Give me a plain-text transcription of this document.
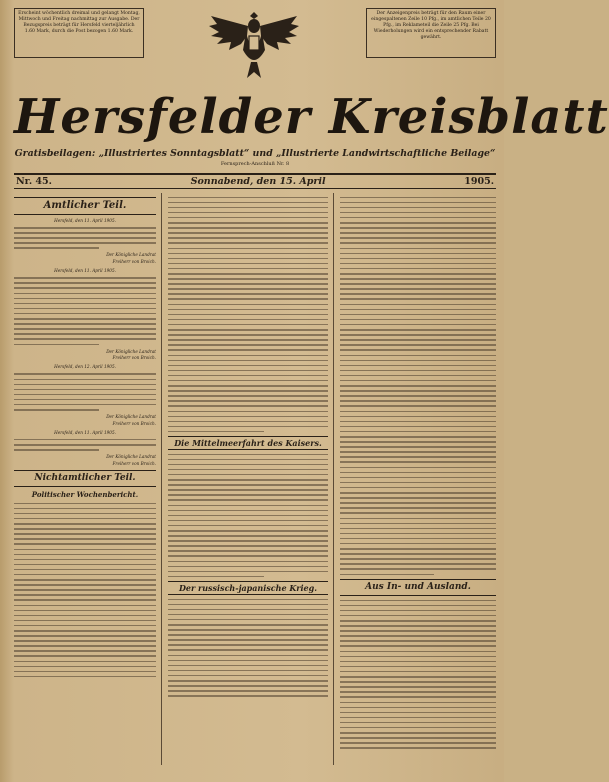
Erscheint wöchentlich dreimal und gelangt Montag, Mittwoch und Freitag nachmittag zur Ausgabe. Der Bezugspreis beträgt für Hersfeld vierteljährlich 1.60 Mark, durch die Post bezogen 1.60 Mark.
Der Anzeigenpreis beträgt für den Raum einer eingespaltenen Zeile 10 Pfg., im amtlichen Teile 20 Pfg., im Reklameteil die Zeile 25 Pfg. Bei Wiederholungen wird ein entsprechender Rabatt gewährt.
Hersfelder Kreisblatt
Gratisbeilagen: „Illustriertes Sonntagsblatt“ und „Illustrierte Landwirtschaftliche Beilage“
Fernsprech-Anschluß Nr. 8
Nr. 45.	Sonnabend, den 15. April	1905.
Amtlicher Teil.
Hersfeld, den 11. April 1905.
Der Königliche Landrat
Freiherr von Broich.
Hersfeld, den 11. April 1905.
Der Königliche Landrat
Freiherr von Broich.
Hersfeld, den 12. April 1905.
Der Königliche Landrat
Freiherr von Broich.
Hersfeld, den 11. April 1905.
Der Königliche Landrat
Freiherr von Broich.
Nichtamtlicher Teil.
Politischer Wochenbericht.
Die Mittelmeerfahrt des Kaisers.
Der russisch-japanische Krieg.	Aus In- und Ausland.
